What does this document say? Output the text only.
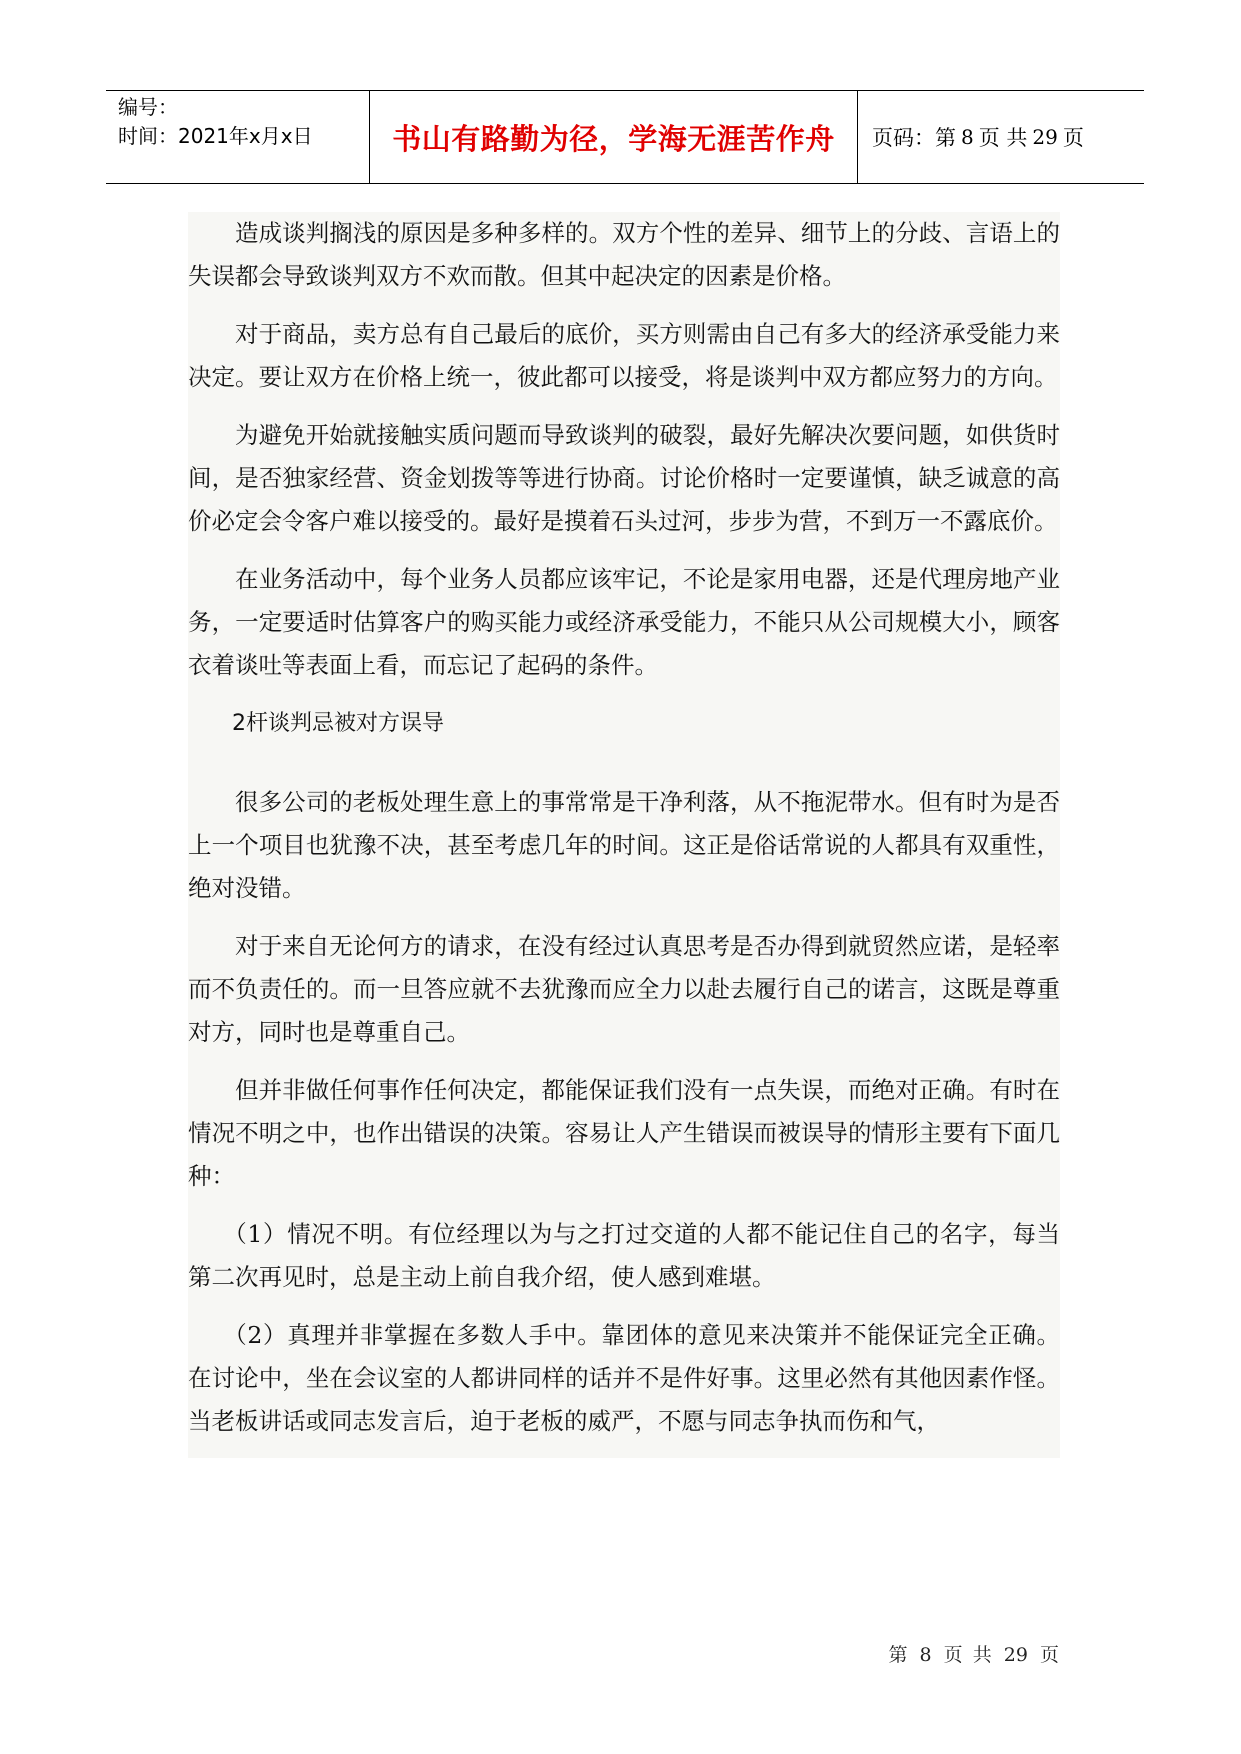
编号：
时间：2021年x月x日	书山有路勤为径，学海无涯苦作舟 页码：第 8 页 共 29 页

造成谈判搁浅的原因是多种多样的。双方个性的差异、细节上的分歧、言语上的失误都会导致谈判双方不欢而散。但其中起决定的因素是价格。

对于商品，卖方总有自己最后的底价，买方则需由自己有多大的经济承受能力来决定。要让双方在价格上统一，彼此都可以接受，将是谈判中双方都应努力的方向。

为避免开始就接触实质问题而导致谈判的破裂，最好先解决次要问题，如供货时间，是否独家经营、资金划拨等等进行协商。讨论价格时一定要谨慎，缺乏诚意的高价必定会令客户难以接受的。最好是摸着石头过河，步步为营，不到万一不露底价。

在业务活动中，每个业务人员都应该牢记，不论是家用电器，还是代理房地产业务，一定要适时估算客户的购买能力或经济承受能力，不能只从公司规模大小，顾客衣着谈吐等表面上看，而忘记了起码的条件。

2杆谈判忌被对方误导

很多公司的老板处理生意上的事常常是干净利落，从不拖泥带水。但有时为是否上一个项目也犹豫不决，甚至考虑几年的时间。这正是俗话常说的人都具有双重性，绝对没错。

对于来自无论何方的请求，在没有经过认真思考是否办得到就贸然应诺，是轻率而不负责任的。而一旦答应就不去犹豫而应全力以赴去履行自己的诺言，这既是尊重对方，同时也是尊重自己。

但并非做任何事作任何决定，都能保证我们没有一点失误，而绝对正确。有时在情况不明之中，也作出错误的决策。容易让人产生错误而被误导的情形主要有下面几种：

（1）情况不明。有位经理以为与之打过交道的人都不能记住自己的名字，每当第二次再见时，总是主动上前自我介绍，使人感到难堪。

（2）真理并非掌握在多数人手中。靠团体的意见来决策并不能保证完全正确。在讨论中，坐在会议室的人都讲同样的话并不是件好事。这里必然有其他因素作怪。当老板讲话或同志发言后，迫于老板的威严，不愿与同志争执而伤和气，

第 8 页 共 29 页
